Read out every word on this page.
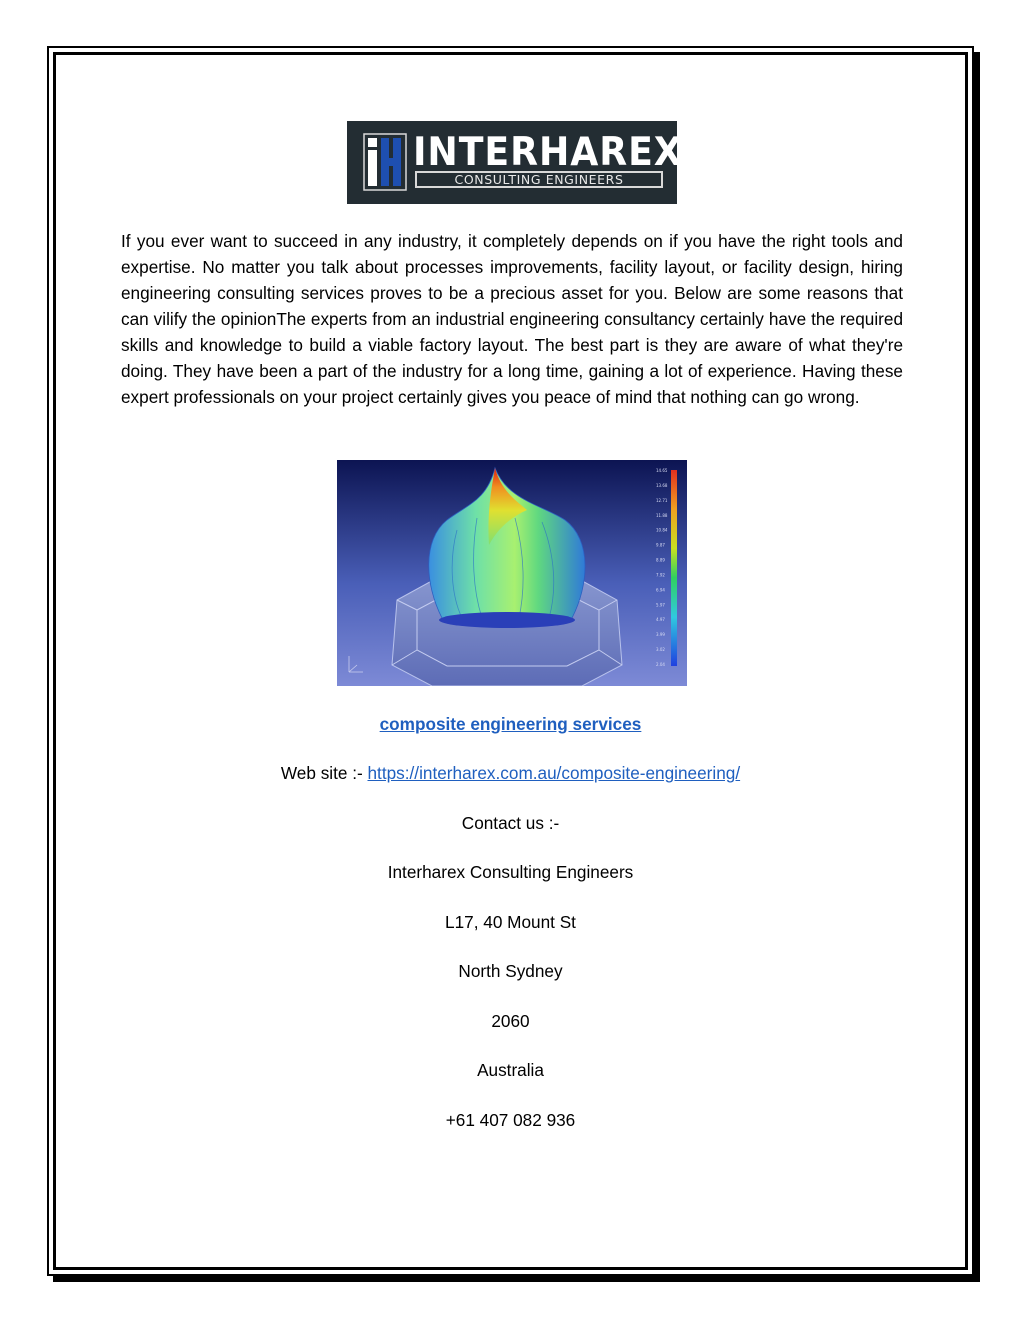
INTERHAREX
CONSULTING ENGINEERS

If you ever want to succeed in any industry, it completely depends on if you have the right tools and expertise. No matter you talk about processes improvements, facility layout, or facility design, hiring engineering consulting services proves to be a precious asset for you. Below are some reasons that can vilify the opinionThe experts from an industrial engineering consultancy certainly have the required skills and knowledge to build a viable factory layout. The best part is they are aware of what they're doing. They have been a part of the industry for a long time, gaining a lot of experience. Having these expert professionals on your project certainly gives you peace of mind that nothing can go wrong.

14.65
13.68
12.71
11.88
10.84
9.87
8.89
7.92
6.94
5.97
4.97
3.99
3.02
2.04

composite engineering services

Web site :- https://interharex.com.au/composite-engineering/

Contact us :-

Interharex Consulting Engineers

L17, 40 Mount St

North Sydney

2060

Australia

+61 407 082 936
